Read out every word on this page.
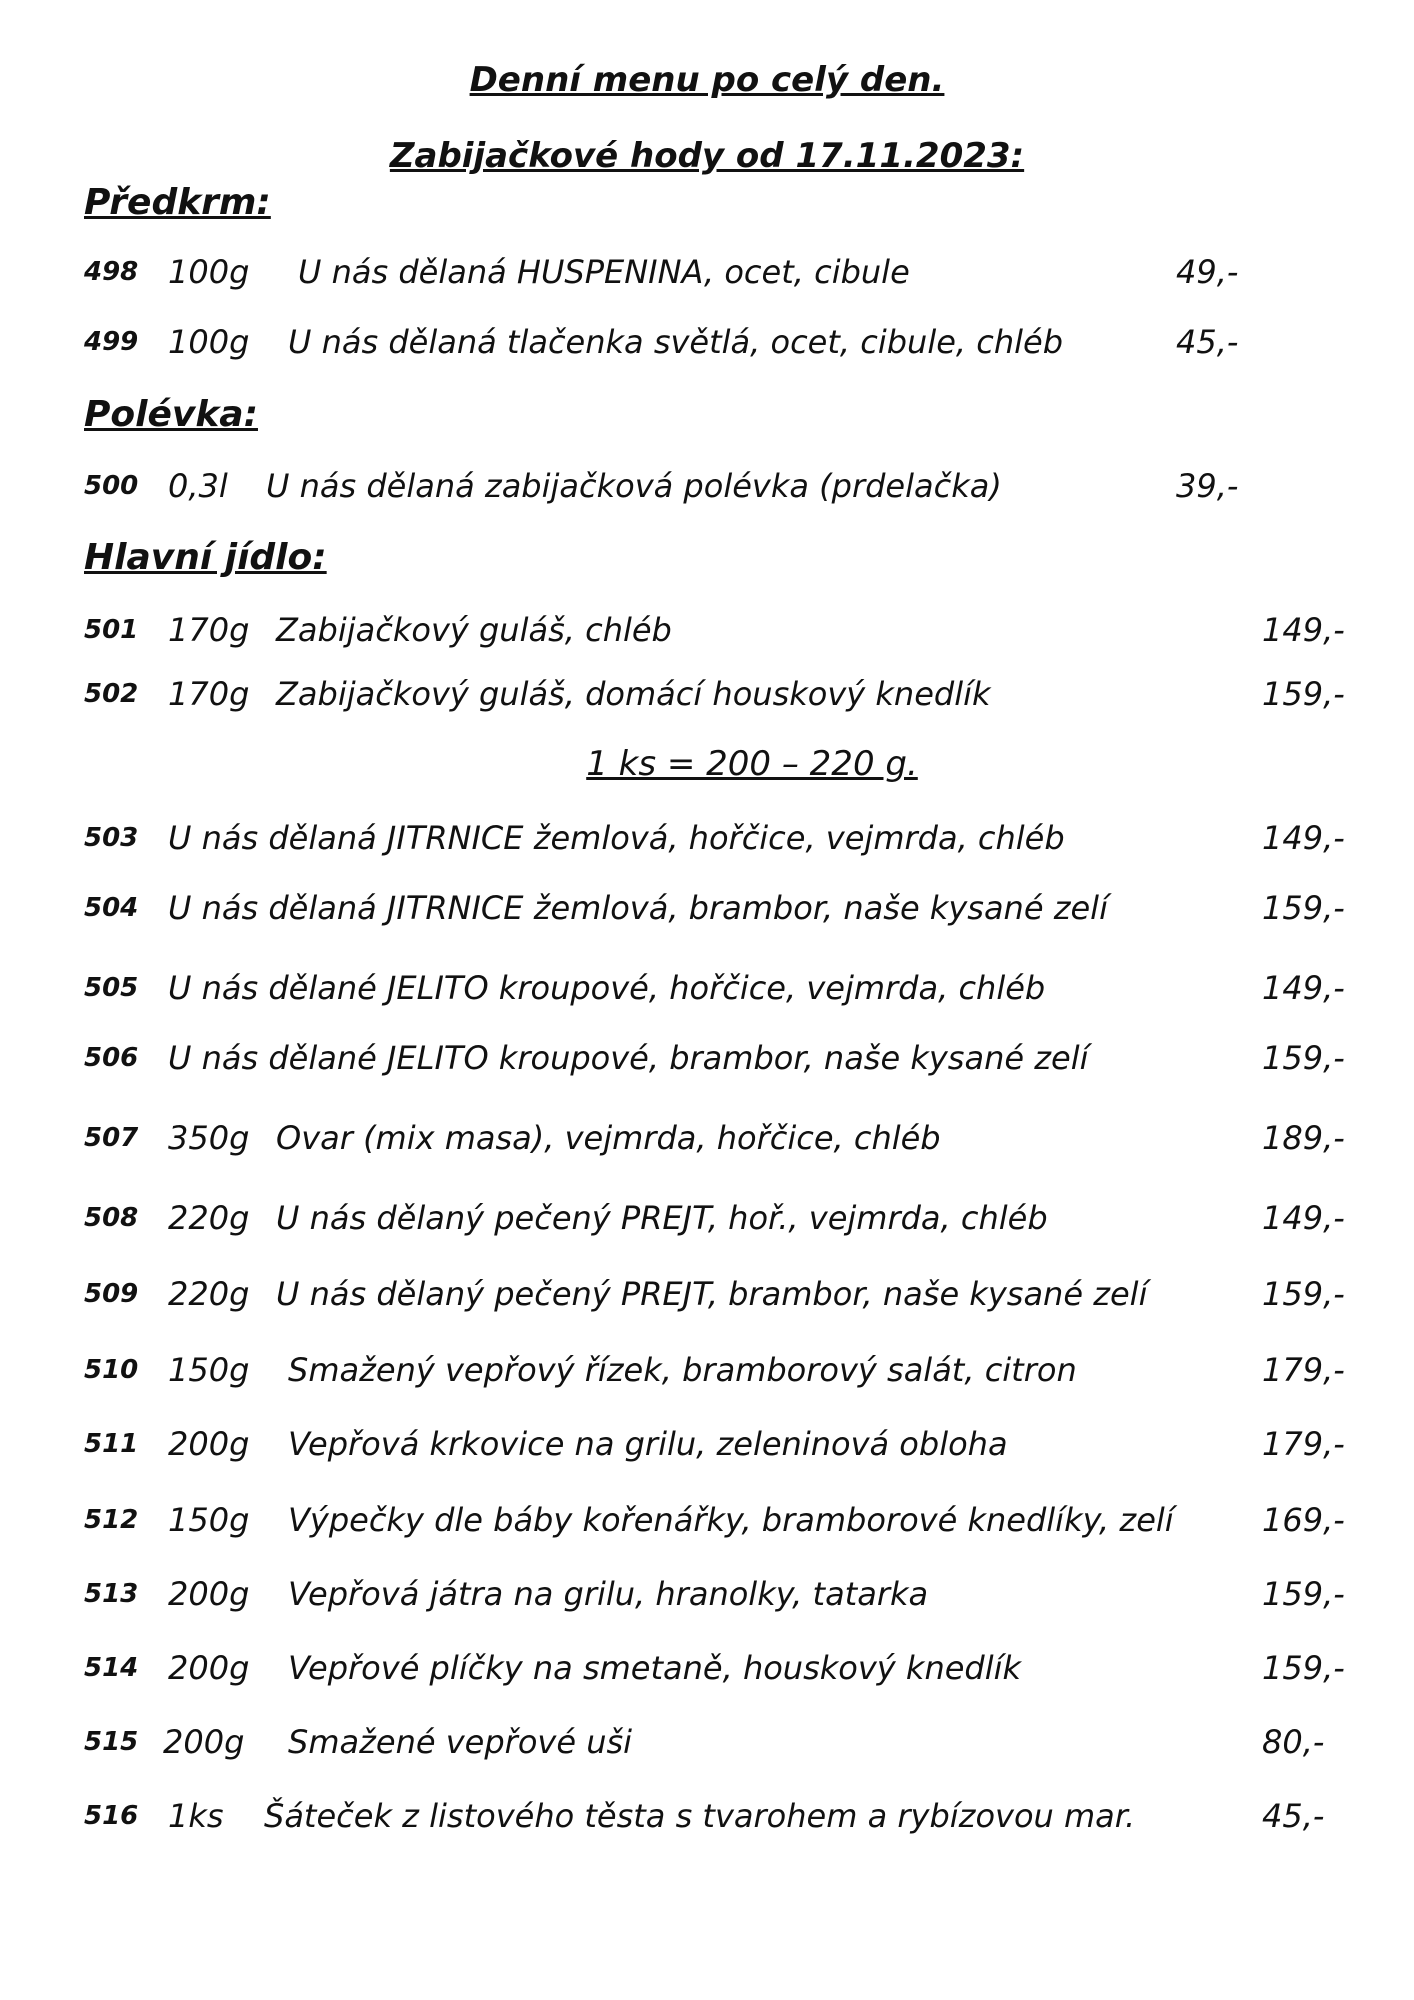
Denní menu po celý den.
Zabijačkové hody od 17.11.2023:
Předkrm:
498 100g U nás dělaná HUSPENINA, ocet, cibule	49,-
499 100g U nás dělaná tlačenka světlá, ocet, cibule, chléb	45,-
Polévka:
500 0,3l U nás dělaná zabijačková polévka (prdelačka)	39,-
Hlavní jídlo:
501 170g Zabijačkový guláš, chléb	149,-
502 170g Zabijačkový guláš, domácí houskový knedlík	159,-
1 ks = 200 – 220 g.
503 U nás dělaná JITRNICE žemlová, hořčice, vejmrda, chléb	149,-
504 U nás dělaná JITRNICE žemlová, brambor, naše kysané zelí	159,-
505 U nás dělané JELITO kroupové, hořčice, vejmrda, chléb	149,-
506 U nás dělané JELITO kroupové, brambor, naše kysané zelí	159,-
507 350g Ovar (mix masa), vejmrda, hořčice, chléb	189,-
508 220g U nás dělaný pečený PREJT, hoř., vejmrda, chléb	149,-
509 220g U nás dělaný pečený PREJT, brambor, naše kysané zelí	159,-
510 150g Smažený vepřový řízek, bramborový salát, citron	179,-
511 200g Vepřová krkovice na grilu, zeleninová obloha	179,-
512 150g Výpečky dle báby kořenářky, bramborové knedlíky, zelí	169,-
513 200g Vepřová játra na grilu, hranolky, tatarka	159,-
514 200g Vepřové plíčky na smetaně, houskový knedlík	159,-
515 200g Smažené vepřové uši	80,-
516 1ks Šáteček z listového těsta s tvarohem a rybízovou mar.	45,-
